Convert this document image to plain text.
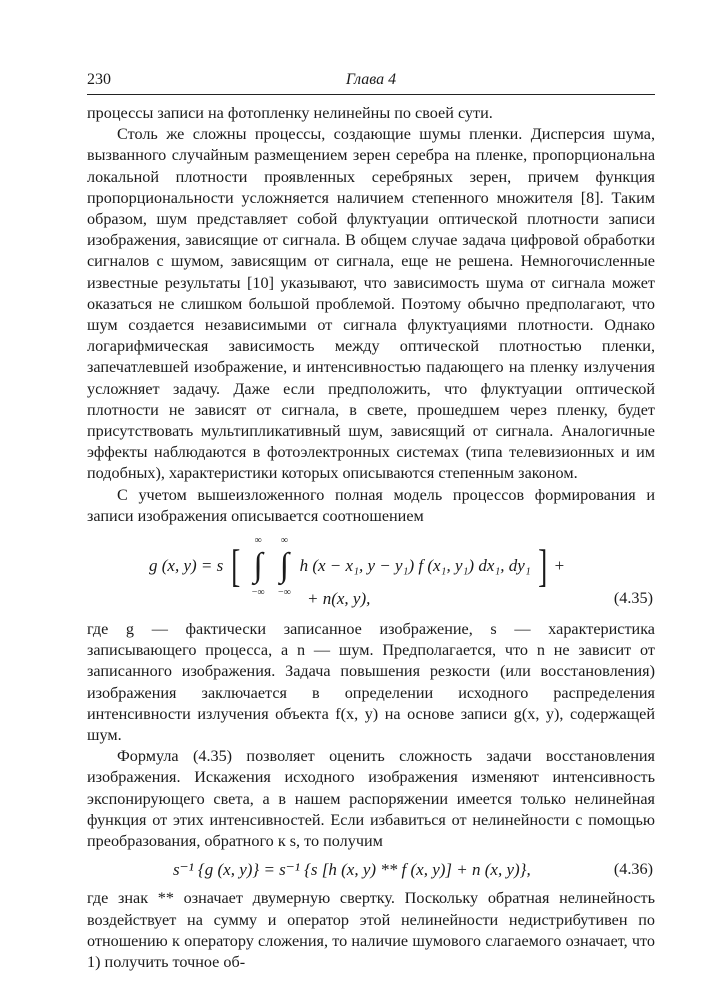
230	Глава 4

процессы записи на фотопленку нелинейны по своей сути.

Столь же сложны процессы, создающие шумы пленки. Дисперсия шума, вызванного случайным размещением зерен серебра на пленке, пропорциональна локальной плотности проявленных серебряных зерен, причем функция пропорциональности усложняется наличием степенного множителя [8]. Таким образом, шум представляет собой флуктуации оптической плотности записи изображения, зависящие от сигнала. В общем случае задача цифровой обработки сигналов с шумом, зависящим от сигнала, еще не решена. Немногочисленные известные результаты [10] указывают, что зависимость шума от сигнала может оказаться не слишком большой проблемой. Поэтому обычно предполагают, что шум создается независимыми от сигнала флуктуациями плотности. Однако логарифмическая зависимость между оптической плотностью пленки, запечатлевшей изображение, и интенсивностью падающего на пленку излучения усложняет задачу. Даже если предположить, что флуктуации оптической плотности не зависят от сигнала, в свете, прошедшем через пленку, будет присутствовать мультипликативный шум, зависящий от сигнала. Аналогичные эффекты наблюдаются в фотоэлектронных системах (типа телевизионных и им подобных), характеристики которых описываются степенным законом.

С учетом вышеизложенного полная модель процессов формирования и записи изображения описывается соотношением

g (x, y) = s [	∞
∫
−∞

∞
∫
−∞
h (x − x₁, y − y₁) f (x₁, y₁) dx₁, dy₁ ] +
+ n(x, y),	(4.35)

где g — фактически записанное изображение, s — характеристика записывающего процесса, а n — шум. Предполагается, что n не зависит от записанного изображения. Задача повышения резкости (или восстановления) изображения заключается в определении исходного распределения интенсивности излучения объекта f(x, y) на основе записи g(x, y), содержащей шум.

Формула (4.35) позволяет оценить сложность задачи восстановления изображения. Искажения исходного изображения изменяют интенсивность экспонирующего света, а в нашем распоряжении имеется только нелинейная функция от этих интенсивностей. Если избавиться от нелинейности с помощью преобразования, обратного к s, то получим

s⁻¹ {g (x, y)} = s⁻¹ {s [h (x, y) ** f (x, y)] + n (x, y)},	(4.36)

где знак ** означает двумерную свертку. Поскольку обратная нелинейность воздействует на сумму и оператор этой нелинейности недистрибутивен по отношению к оператору сложения, то наличие шумового слагаемого означает, что 1) получить точное об-
